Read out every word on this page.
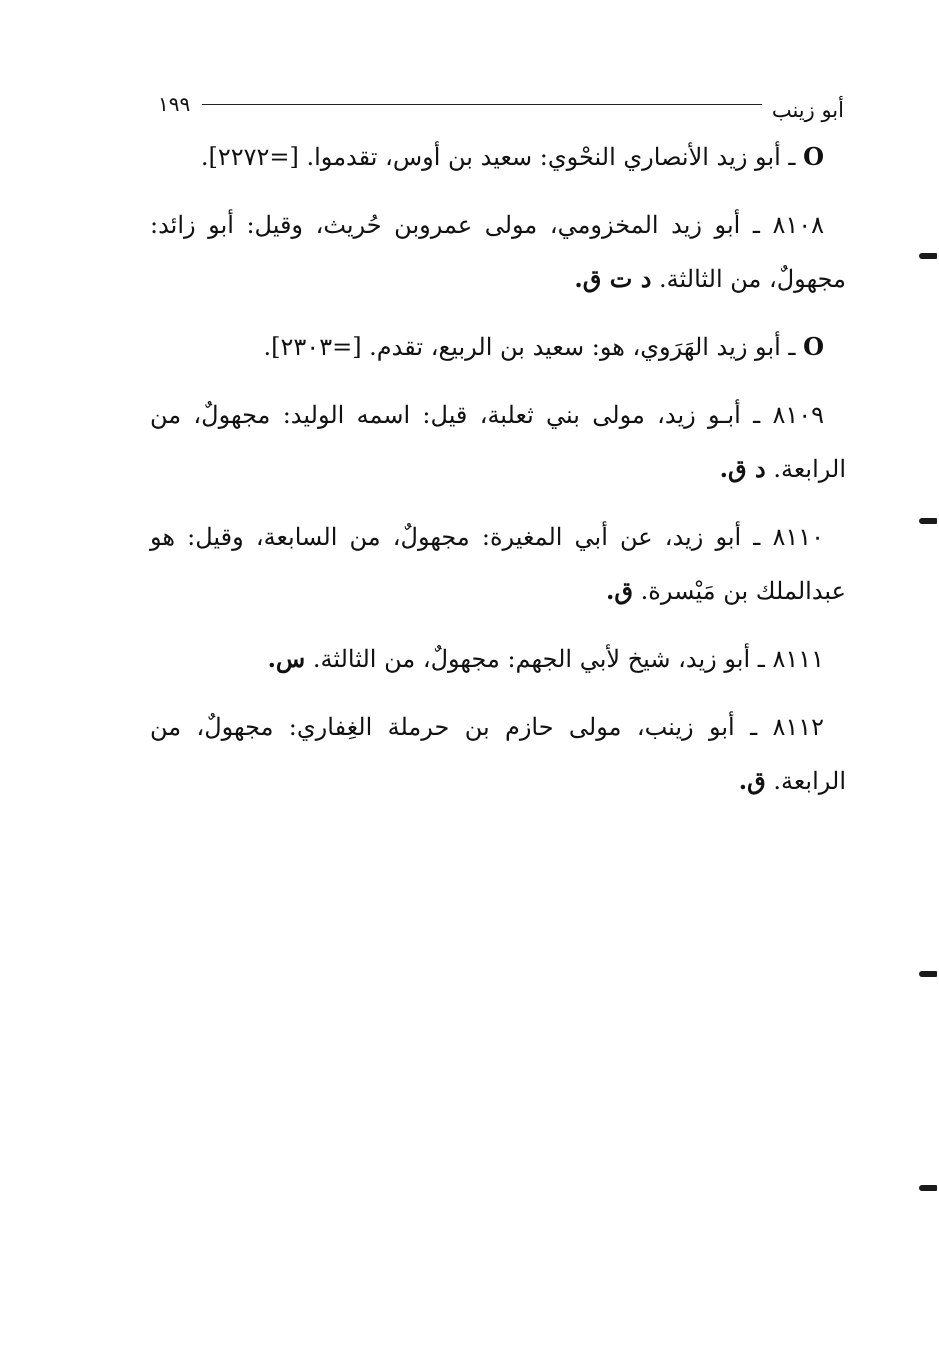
١٩٩	أبو زينب

O ـ أبو زيد الأنصاري النحْوي: سعيد بن أوس، تقدموا. [=٢٢٧٢].

٨١٠٨ ـ أبو زيد المخزومي، مولى عمروبن حُريث، وقيل: أبو زائد: مجهولٌ، من الثالثة. د ت ق.

O ـ أبو زيد الهَرَوي، هو: سعيد بن الربيع، تقدم. [=٢٣٠٣].

٨١٠٩ ـ أبـو زيد، مولى بني ثعلبة، قيل: اسمه الوليد: مجهولٌ، من الرابعة. د ق.

٨١١٠ ـ أبو زيد، عن أبي المغيرة: مجهولٌ، من السابعة، وقيل: هو عبدالملك بن مَيْسرة. ق.

٨١١١ ـ أبو زيد، شيخ لأبي الجهم: مجهولٌ، من الثالثة. س.

٨١١٢ ـ أبو زينب، مولى حازم بن حرملة الغِفاري: مجهولٌ، من الرابعة. ق.
